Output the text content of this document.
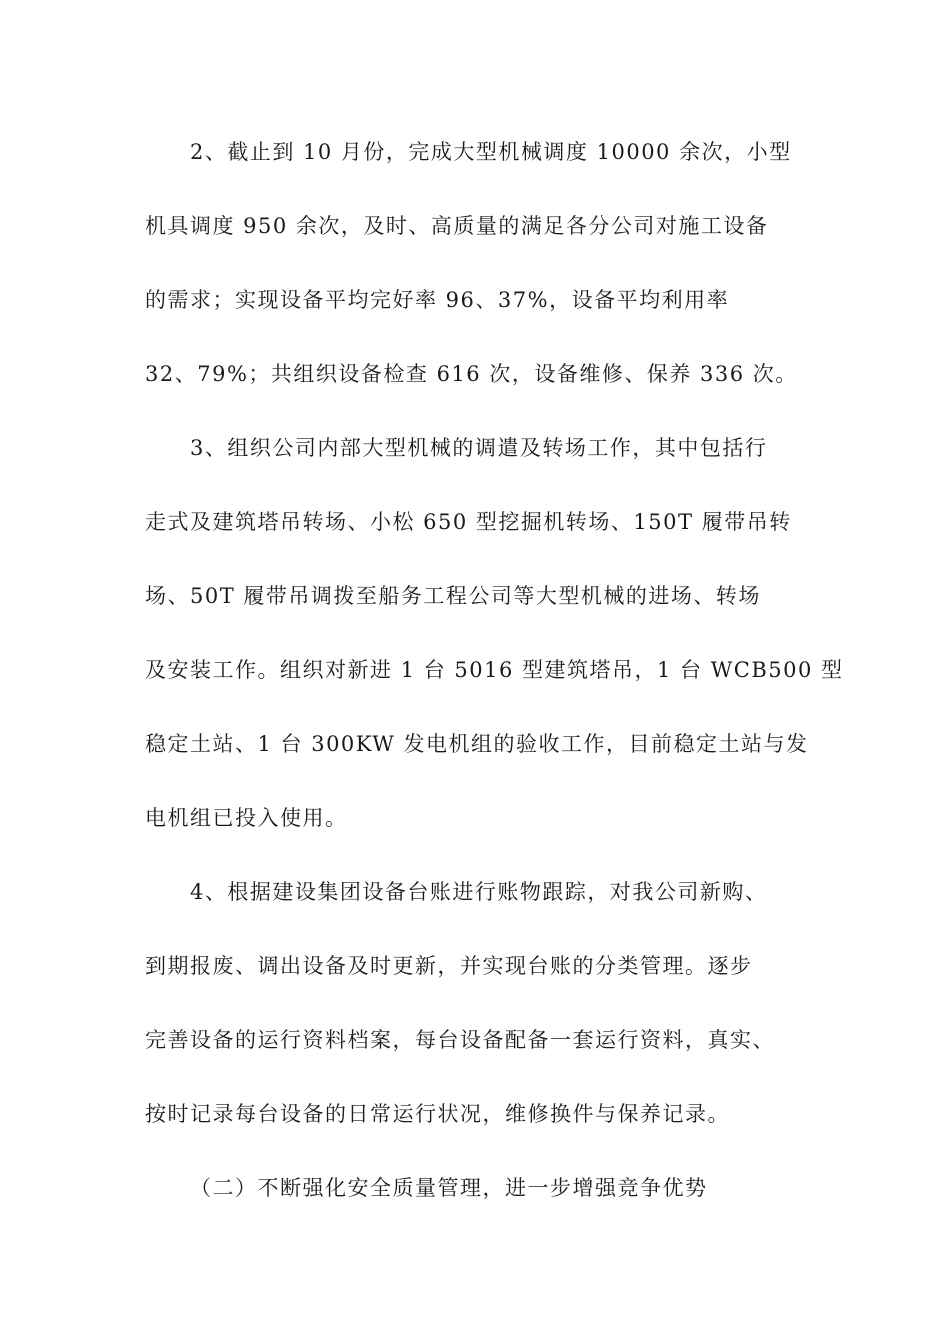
2、截止到 10 月份，完成大型机械调度 10000 余次，小型
机具调度 950 余次，及时、高质量的满足各分公司对施工设备
的需求；实现设备平均完好率 96、37%，设备平均利用率
32、79%；共组织设备检查 616 次，设备维修、保养 336 次。
3、组织公司内部大型机械的调遣及转场工作，其中包括行
走式及建筑塔吊转场、小松 650 型挖掘机转场、150T 履带吊转
场、50T 履带吊调拨至船务工程公司等大型机械的进场、转场
及安装工作。组织对新进 1 台 5016 型建筑塔吊，1 台 WCB500 型
稳定土站、1 台 300KW 发电机组的验收工作，目前稳定土站与发
电机组已投入使用。
4、根据建设集团设备台账进行账物跟踪，对我公司新购、
到期报废、调出设备及时更新，并实现台账的分类管理。逐步
完善设备的运行资料档案，每台设备配备一套运行资料，真实、
按时记录每台设备的日常运行状况，维修换件与保养记录。
（二）不断强化安全质量管理，进一步增强竞争优势
